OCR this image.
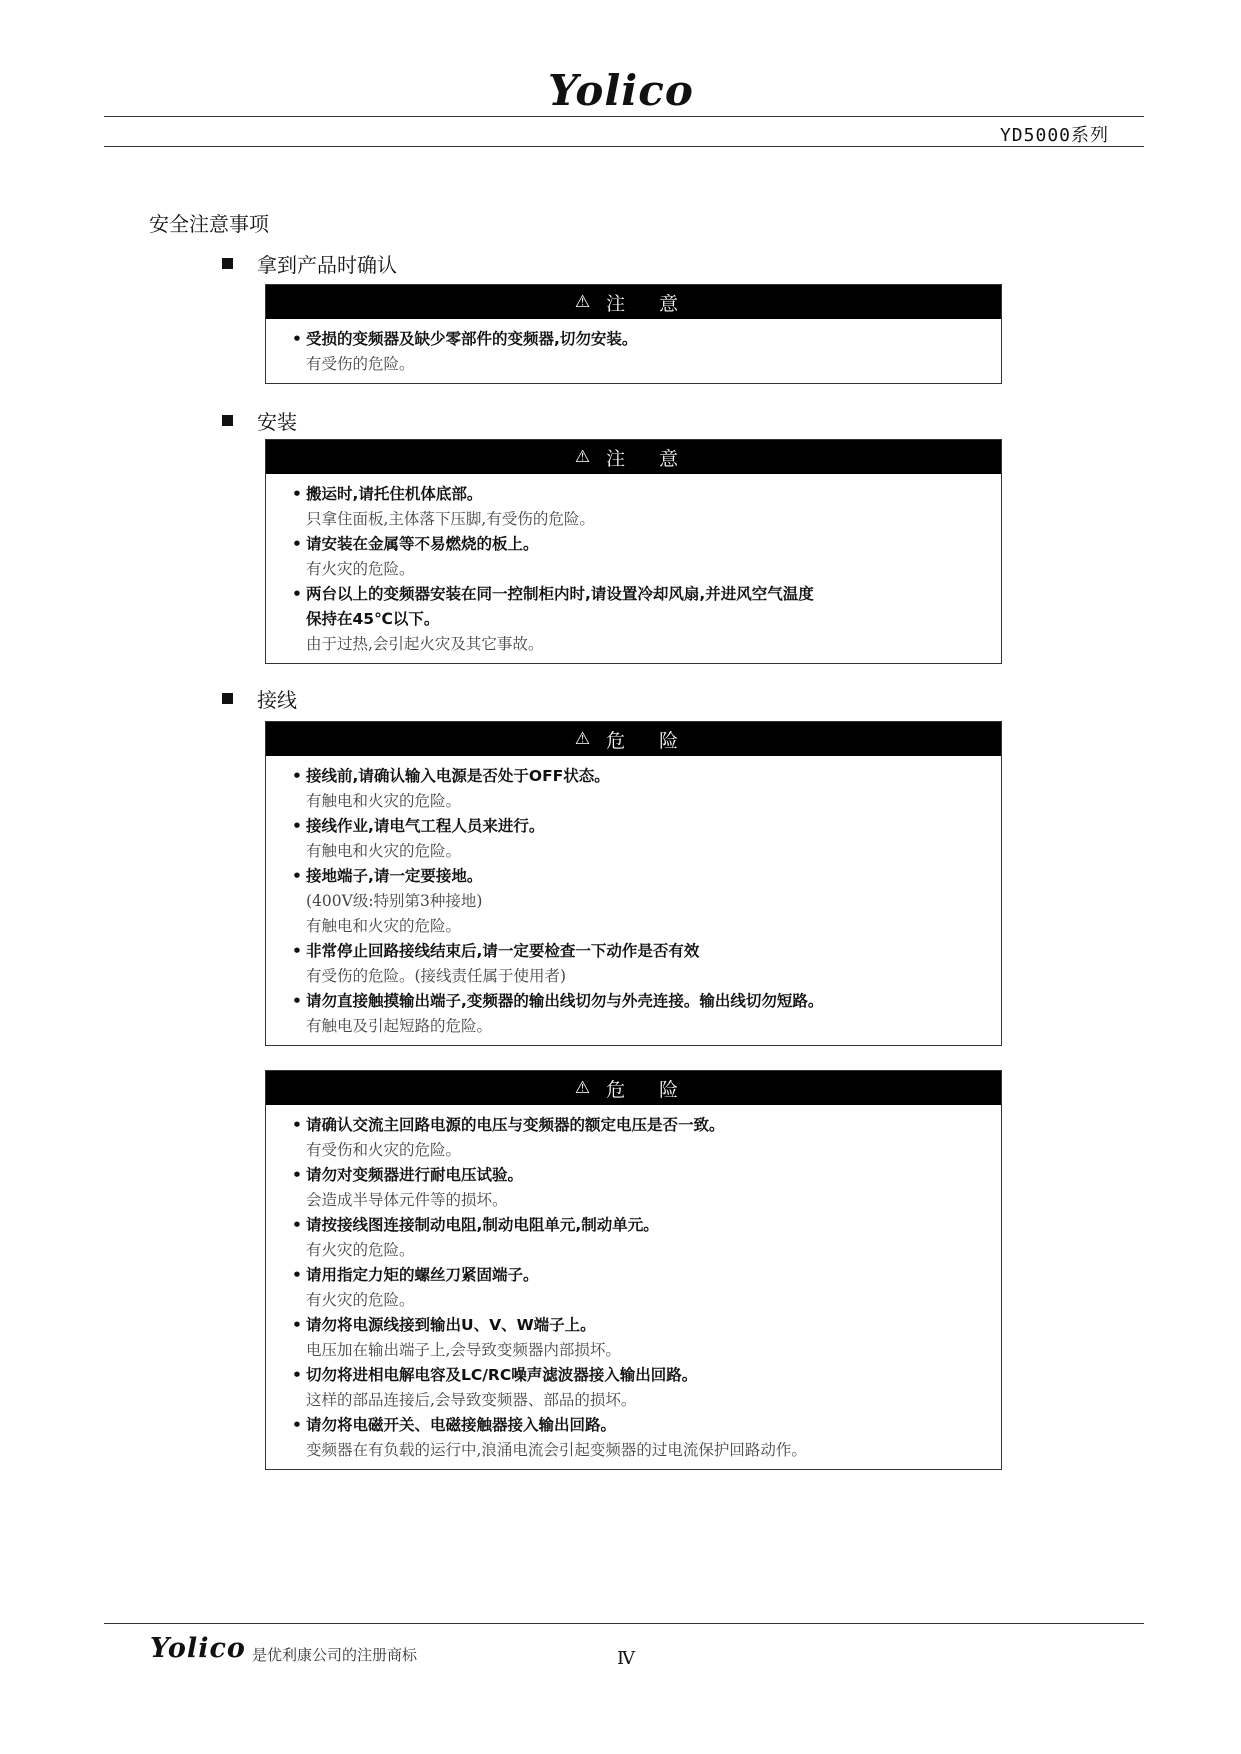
Yolico
YD5000系列
安全注意事项
拿到产品时确认
⚠ 注 意
• 受损的变频器及缺少零部件的变频器,切勿安装。
有受伤的危险。
安装
⚠ 注 意
• 搬运时,请托住机体底部。
只拿住面板,主体落下压脚,有受伤的危险。
• 请安装在金属等不易燃烧的板上。
有火灾的危险。
• 两台以上的变频器安装在同一控制柜内时,请设置冷却风扇,并进风空气温度
保持在45℃以下。
由于过热,会引起火灾及其它事故。
接线
⚠ 危 险
• 接线前,请确认输入电源是否处于OFF状态。
有触电和火灾的危险。
• 接线作业,请电气工程人员来进行。
有触电和火灾的危险。
• 接地端子,请一定要接地。
(400V级:特别第3种接地)
有触电和火灾的危险。
• 非常停止回路接线结束后,请一定要检查一下动作是否有效
有受伤的危险。(接线责任属于使用者)
• 请勿直接触摸输出端子,变频器的输出线切勿与外壳连接。输出线切勿短路。
有触电及引起短路的危险。
⚠ 危 险
• 请确认交流主回路电源的电压与变频器的额定电压是否一致。
有受伤和火灾的危险。
• 请勿对变频器进行耐电压试验。
会造成半导体元件等的损坏。
• 请按接线图连接制动电阻,制动电阻单元,制动单元。
有火灾的危险。
• 请用指定力矩的螺丝刀紧固端子。
有火灾的危险。
• 请勿将电源线接到输出U、V、W端子上。
电压加在输出端子上,会导致变频器内部损坏。
• 切勿将进相电解电容及LC/RC噪声滤波器接入输出回路。
这样的部品连接后,会导致变频器、部品的损坏。
• 请勿将电磁开关、电磁接触器接入输出回路。
变频器在有负载的运行中,浪涌电流会引起变频器的过电流保护回路动作。
Yolico 是优利康公司的注册商标	Ⅳ
